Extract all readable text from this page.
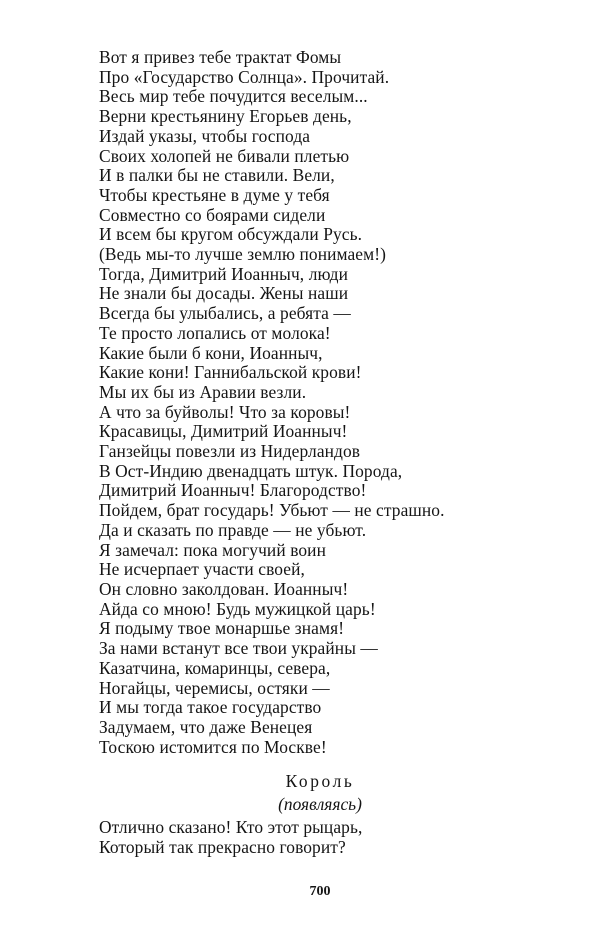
Вот я привез тебе трактат Фомы
Про «Государство Солнца». Прочитай.
Весь мир тебе почудится веселым...
Верни крестьянину Егорьев день,
Издай указы, чтобы господа
Своих холопей не бивали плетью
И в палки бы не ставили. Вели,
Чтобы крестьяне в думе у тебя
Совместно со боярами сидели
И всем бы кругом обсуждали Русь.
(Ведь мы-то лучше землю понимаем!)
Тогда, Димитрий Иоанныч, люди
Не знали бы досады. Жены наши
Всегда бы улыбались, а ребята —
Те просто лопались от молока!
Какие были б кони, Иоанныч,
Какие кони! Ганнибальской крови!
Мы их бы из Аравии везли.
А что за буйволы! Что за коровы!
Красавицы, Димитрий Иоанныч!
Ганзейцы повезли из Нидерландов
В Ост-Индию двенадцать штук. Порода,
Димитрий Иоанныч! Благородство!
Пойдем, брат государь! Убьют — не страшно.
Да и сказать по правде — не убьют.
Я замечал: пока могучий воин
Не исчерпает участи своей,
Он словно заколдован. Иоанныч!
Айда со мною! Будь мужицкой царь!
Я подыму твое монаршье знамя!
За нами встанут все твои украйны —
Казатчина, комаринцы, севера,
Ногайцы, черемисы, остяки —
И мы тогда такое государство
Задумаем, что даже Венецея
Тоскою истомится по Москве!
Король
(появляясь)
Отлично сказано! Кто этот рыцарь,
Который так прекрасно говорит?
700
